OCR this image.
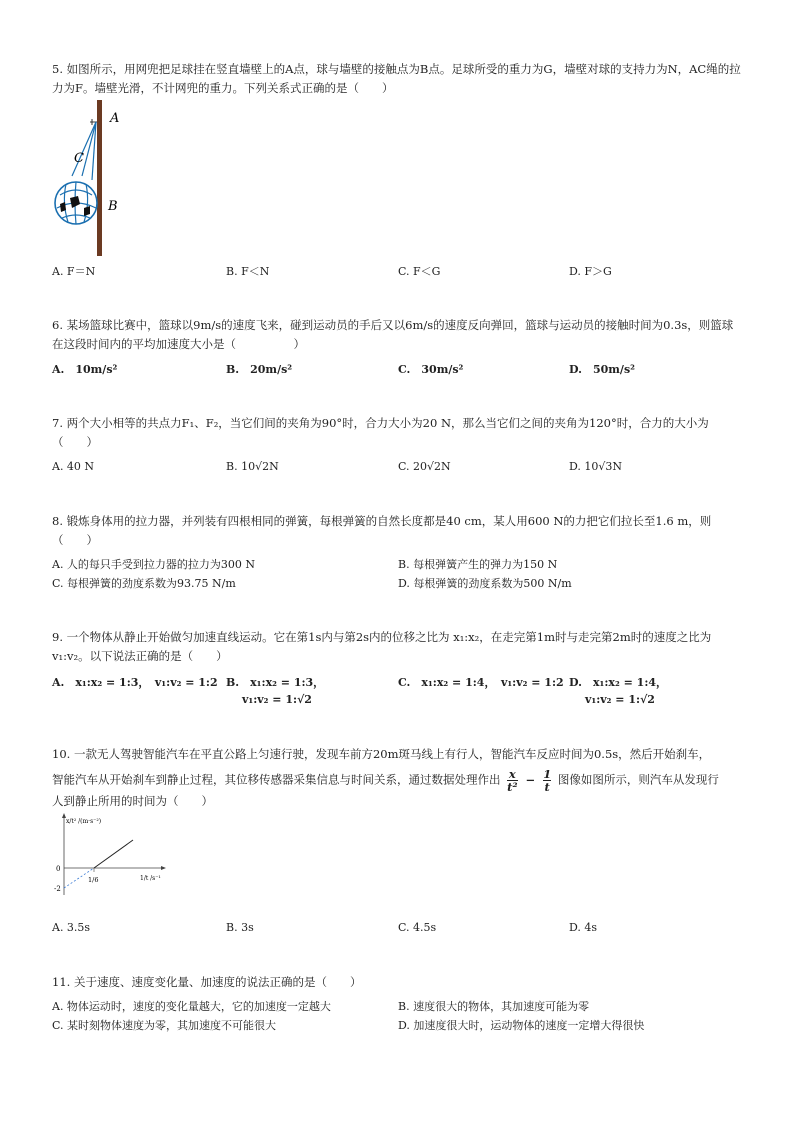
5. 如图所示，用网兜把足球挂在竖直墙壁上的A点，球与墙壁的接触点为B点。足球所受的重力为G，墙壁对球的支持力为N，AC绳的拉力为F。墙壁光滑，不计网兜的重力。下列关系式正确的是（　　）
A
C
B
A. F＝N	B. F＜N	C. F＜G	D. F＞G
6. 某场篮球比赛中，篮球以9m/s的速度飞来，碰到运动员的手后又以6m/s的速度反向弹回，篮球与运动员的接触时间为0.3s，则篮球在这段时间内的平均加速度大小是（　　　　　）
A.　10m/s²	B.　20m/s²	C.　30m/s²	D.　50m/s²
7. 两个大小相等的共点力F₁、F₂，当它们间的夹角为90°时，合力大小为20 N，那么当它们之间的夹角为120°时，合力的大小为（　　）
A. 40 N	B. 10√2N	C. 20√2N	D. 10√3N
8. 锻炼身体用的拉力器，并列装有四根相同的弹簧，每根弹簧的自然长度都是40 cm，某人用600 N的力把它们拉长至1.6 m，则（　　）
A. 人的每只手受到拉力器的拉力为300 N	B. 每根弹簧产生的弹力为150 N
C. 每根弹簧的劲度系数为93.75 N/m	D. 每根弹簧的劲度系数为500 N/m
9. 一个物体从静止开始做匀加速直线运动。它在第1s内与第2s内的位移之比为 x₁:x₂，在走完第1m时与走完第2m时的速度之比为 v₁:v₂。以下说法正确的是（　　）
A.　x₁:x₂ = 1:3，　v₁:v₂ = 1:2 B.　x₁:x₂ = 1:3，
v₁:v₂ = 1:√2
C.　x₁:x₂ = 1:4，　v₁:v₂ = 1:2 D.　x₁:x₂ = 1:4，
v₁:v₂ = 1:√2
10. 一款无人驾驶智能汽车在平直公路上匀速行驶，发现车前方20m斑马线上有行人，智能汽车反应时间为0.5s，然后开始刹车，
智能汽车从开始刹车到静止过程，其位移传感器采集信息与时间关系，通过数据处理作出 $\frac{x}{\text{t²}} - \frac{1}{t}$ 图像如图所示，则汽车从发现行
人到静止所用的时间为（　　）
x/t² /(m·s⁻²)
0
-2
1/6	1/t /s⁻¹
A. 3.5s	B. 3s	C. 4.5s	D. 4s
11. 关于速度、速度变化量、加速度的说法正确的是（　　）
A. 物体运动时，速度的变化量越大，它的加速度一定越大	B. 速度很大的物体，其加速度可能为零
C. 某时刻物体速度为零，其加速度不可能很大	D. 加速度很大时，运动物体的速度一定增大得很快
